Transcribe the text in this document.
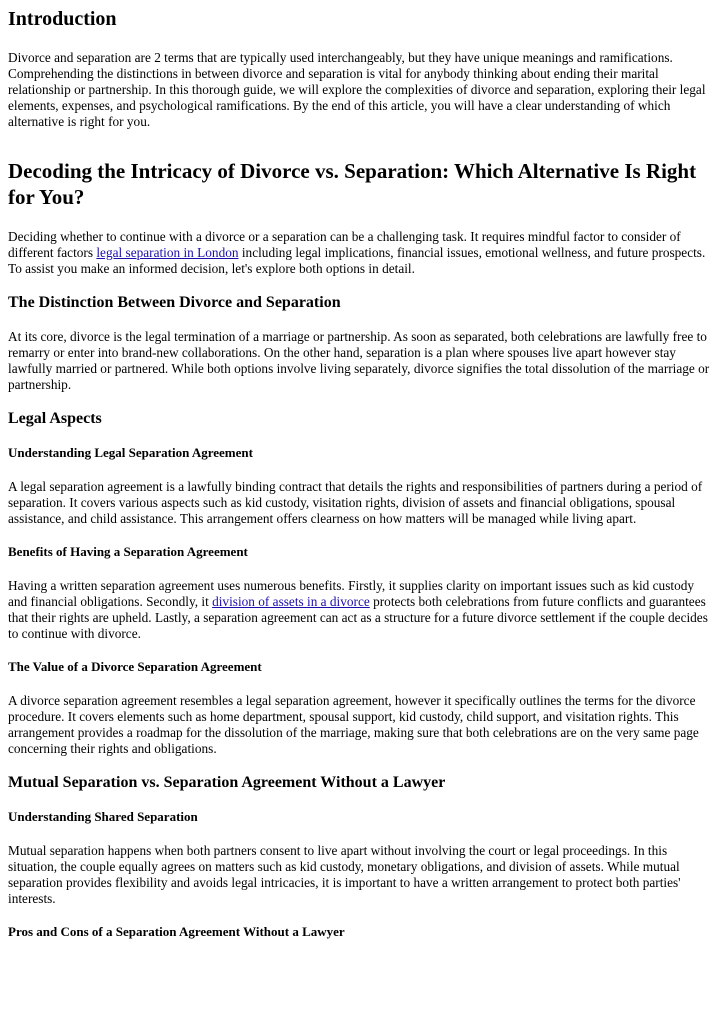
Introduction

Divorce and separation are 2 terms that are typically used interchangeably, but they have unique meanings and ramifications. Comprehending the distinctions in between divorce and separation is vital for anybody thinking about ending their marital relationship or partnership. In this thorough guide, we will explore the complexities of divorce and separation, exploring their legal elements, expenses, and psychological ramifications. By the end of this article, you will have a clear understanding of which alternative is right for you.

Decoding the Intricacy of Divorce vs. Separation: Which Alternative Is Right for You?

Deciding whether to continue with a divorce or a separation can be a challenging task. It requires mindful factor to consider of different factors legal separation in London including legal implications, financial issues, emotional wellness, and future prospects. To assist you make an informed decision, let's explore both options in detail.

The Distinction Between Divorce and Separation

At its core, divorce is the legal termination of a marriage or partnership. As soon as separated, both celebrations are lawfully free to remarry or enter into brand-new collaborations. On the other hand, separation is a plan where spouses live apart however stay lawfully married or partnered. While both options involve living separately, divorce signifies the total dissolution of the marriage or partnership.

Legal Aspects
Understanding Legal Separation Agreement

A legal separation agreement is a lawfully binding contract that details the rights and responsibilities of partners during a period of separation. It covers various aspects such as kid custody, visitation rights, division of assets and financial obligations, spousal assistance, and child assistance. This arrangement offers clearness on how matters will be managed while living apart.

Benefits of Having a Separation Agreement

Having a written separation agreement uses numerous benefits. Firstly, it supplies clarity on important issues such as kid custody and financial obligations. Secondly, it division of assets in a divorce protects both celebrations from future conflicts and guarantees that their rights are upheld. Lastly, a separation agreement can act as a structure for a future divorce settlement if the couple decides to continue with divorce.

The Value of a Divorce Separation Agreement

A divorce separation agreement resembles a legal separation agreement, however it specifically outlines the terms for the divorce procedure. It covers elements such as home department, spousal support, kid custody, child support, and visitation rights. This arrangement provides a roadmap for the dissolution of the marriage, making sure that both celebrations are on the very same page concerning their rights and obligations.

Mutual Separation vs. Separation Agreement Without a Lawyer
Understanding Shared Separation

Mutual separation happens when both partners consent to live apart without involving the court or legal proceedings. In this situation, the couple equally agrees on matters such as kid custody, monetary obligations, and division of assets. While mutual separation provides flexibility and avoids legal intricacies, it is important to have a written arrangement to protect both parties' interests.

Pros and Cons of a Separation Agreement Without a Lawyer
